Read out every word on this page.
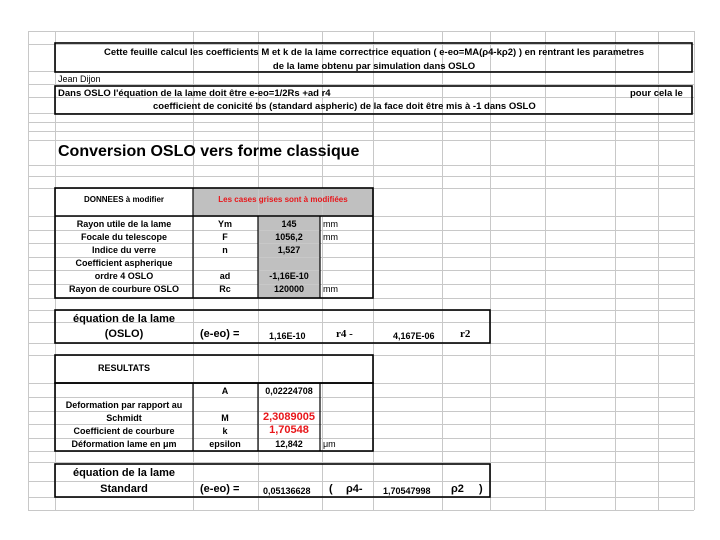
Cette feuille calcul les coefficients M et k de la lame correctrice equation ( e-eo=MA(ρ4-kρ2) ) en rentrant les parametres
de la lame obtenu par simulation dans OSLO
Jean Dijon
Dans OSLO l'équation de la lame doit être e-eo=1/2Rs +ad r4	pour cela le
coefficient de conicité bs (standard aspheric) de la face doit être mis à -1 dans OSLO
Conversion OSLO vers forme classique
DONNEES à modifier	Les cases grises sont à modifiées
Rayon utile de la lame	Ym	145	mm
Focale du telescope	F	1056,2	mm
Indice du verre	n	1,527
Coefficient aspherique
ordre 4 OSLO	ad	-1,16E-10
Rayon de courbure OSLO	Rc	120000	mm
équation de la lame
(OSLO)	(e-eo) =	1,16E-10	r4 -	4,167E-06 r2
RESULTATS
A	0,02224708
Deformation par rapport au
Schmidt	M	2,3089005
Coefficient de courbure	k	1,70548
Déformation lame en μm	epsilon	12,842	μm
équation de la lame
Standard	(e-eo) =	0,05136628 ( ρ4- 1,70547998 ρ2 )
